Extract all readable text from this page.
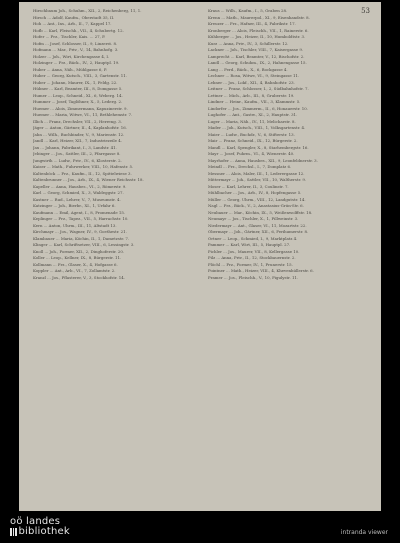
53
Hirschbaum Joh., Schuhm., XII., 2, Reichenberg, 11, 1.
Hirsch ... Adolf, Kaufm., Oberstadt 35, II.
Hoh ... Ant., Ins., Arb., II., 7, Kappel 17.
Hofb ... Karl, Fleischh., VII., 4, Schubertg. 12.
Hofer ... Frz., Tischler, Kais. ... 27, P.
Hofm ... Josef, Schlosser, II., 9, Linzerst. 8.
Hofmann ... Mar., Priv., V., 14, Bahnhofg. 3.
Holzer ... Joh., Wirt, Kirchengasse 4, I.
Holzinger ... Frz., Bäck., IV., 2, Hauptpl. 19.
Huber ... Anna, Näh., Mühlgasse 6, P.
Huber ... Georg, Kutsch., VIII., 3, Gartenstr. 11.
Huber ... Johann, Maurer, IX., 1, Feldg. 22.
Hübner ... Karl, Beamter, III., 8, Domgasse 5.
Humer ... Leop., Schneid., XI., 6, Weberg. 14.
Hummer ... Josef, Taglöhner, X., 5, Lederg. 2.
Huemer ... Alois, Zimmermann, Kapuzinerstr. 9.
Huemer ... Maria, Witwe, VI., 11, Bethlehemstr. 7.
Illich ... Franz, Drechsler, VII., 2, Herreng. 3.
Jäger ... Anton, Gärtner, II., 4, Kaplanhofstr. 16.
Jahn ... Wilh., Buchbinder, V., 9, Marienstr. 12.
Jandl ... Karl, Heizer, XII., 7, Industriezeile 4.
Jax ... Johann, Fabrikant, I., 3, Landstr. 41.
Jebinger ... Jos., Sattler, III., 2, Pfarrgasse 8.
Jungwirth ... Ludw., Priv., IV., 6, Klosterstr. 2.
Kaiser ... Math., Fuhrwerker, VIII., 10, Hafenstr. 5.
Kaltenböck ... Frz., Kaufm., II., 12, Spittelwiese 3.
Kaltenbrunner ... Jos., Arb., IX., 4, Wiener Reichsstr. 18.
Kapeller ... Anna, Hausbes., VI., 2, Römerstr. 9.
Karl ... Georg, Schmied, X., 3, Waldeggstr. 27.
Kastner ... Rud., Lehrer, V., 7, Museumstr. 4.
Katzinger ... Joh., Bierbr., XI., 1, Urfahr 6.
Kaufmann ... Emil, Agent, I., 8, Promenade 15.
Keplinger ... Frz., Tapez., VII., 5, Harrachstr. 10.
Kern ... Anton, Uhrm., III., 11, Altstadt 13.
Kirchmayr ... Jos., Wagner, IV., 9, Goethestr. 21.
Klambauer ... Maria, Köchin, II., 1, Dametzstr. 7.
Klinger ... Karl, Schriftsetzer, VIII., 6, Lessingstr. 3.
Knoll ... Joh., Former, XII., 2, Dinghoferstr. 20.
Koller ... Leop., Kellner, IX., 8, Bürgerstr. 11.
Kollmann ... Frz., Glaser, X., 4, Hofgasse 6.
Koppler ... Ant., Arb., VI., 7, Zollamtstr. 2.
Kranzl ... Jos., Pflasterer, V., 3, Stockhofstr. 14.
Kraus ... Wilh., Kaufm., I., 5, Graben 28.
Krenn ... Math., Maurerpol., XI., 9, Eisenhandstr. 8.
Kreuzer ... Frz., Hafner, III., 4, Fabrikstr. 17.
Kronberger ... Alois, Fleischh., VII., 1, Rainerstr. 6.
Kühberger ... Jos., Heizer, II., 10, Humboldtstr. 3.
Kurz ... Anna, Priv., IV., 3, Schillerstr. 12.
Lackner ... Joh., Tischler, VIII., 7, Kaisergasse 9.
Lamprecht ... Karl, Beamter, V., 12, Bischofstr. 2.
Landl ... Georg, Schuhm., IX., 2, Hahnengasse 15.
Lang ... Ferd., Bäck., X., 6, Bockgasse 4.
Lechner ... Rosa, Witwe, VI., 9, Steingasse 11.
Lehner ... Jos., Lokf., XII., 4, Bahnhofstr. 23.
Leitner ... Franz, Schlosser, I., 2, Südbahnhofstr. 7.
Lettner ... Mich., Arb., III., 8, Gruberstr. 19.
Lindner ... Heinr., Kaufm., VII., 3, Klammstr. 5.
Lindorfer ... Jos., Zimmerm., II., 6, Honauerstr. 10.
Lughofer ... Ant., Gastw., XI., 2, Hauptstr. 31.
Luger ... Maria, Näh., IV., 11, Melicharstr. 8.
Mader ... Joh., Kutsch., VIII., 1, Volksgartenstr. 4.
Maier ... Ludw., Buchdr., V., 6, Stifterstr. 13.
Mair ... Franz, Schneid., IX., 12, Bürgerstr. 2.
Mandl ... Karl, Spengler, X., 8, Starhembergstr. 16.
Mayr ... Josef, Fuhrm., VI., 4, Wienerstr. 40.
Mayrhofer ... Anna, Hausbes., XII., 9, Leonfeldnerstr. 3.
Meindl ... Frz., Drechsl., I., 7, Domplatz 6.
Messner ... Alois, Maler, III., 1, Lederergasse 12.
Mittermayr ... Joh., Sattler, VII., 10, Waltherstr. 9.
Moser ... Karl, Lehrer, II., 3, Coulinstr. 7.
Mühlbacher ... Jos., Arb., IV., 8, Hopfengasse 5.
Müller ... Georg, Uhrm., VIII., 12, Landgutstr. 14.
Nagl ... Frz., Bäck., V., 2, Anastasius-Grün-Str. 6.
Neubauer ... Mar., Köchin, IX., 5, Weißenwolffstr. 18.
Neumayr ... Jos., Tischler, X., 1, Pillweinstr. 3.
Niedermayr ... Ant., Glaser, VI., 11, Mozartstr. 22.
Obermayr ... Joh., Gärtner, XII., 6, Ferihumerstr. 8.
Ortner ... Leop., Schmied, I., 9, Marktplatz 4.
Pammer ... Karl, Wirt, III., 5, Hauptpl. 27.
Pichler ... Jos., Maurer, VII., 8, Kellergasse 10.
Pilz ... Anna, Priv., II., 12, Stockbauernstr. 2.
Plöchl ... Frz., Former, IV., 1, Prunerstr. 15.
Pointner ... Math., Heizer, VIII., 4, Khevenhüllerstr. 6.
Pramer ... Jos., Fleischh., V., 10, Figulystr. 11.
oö landes
bibliothek	intranda viewer
